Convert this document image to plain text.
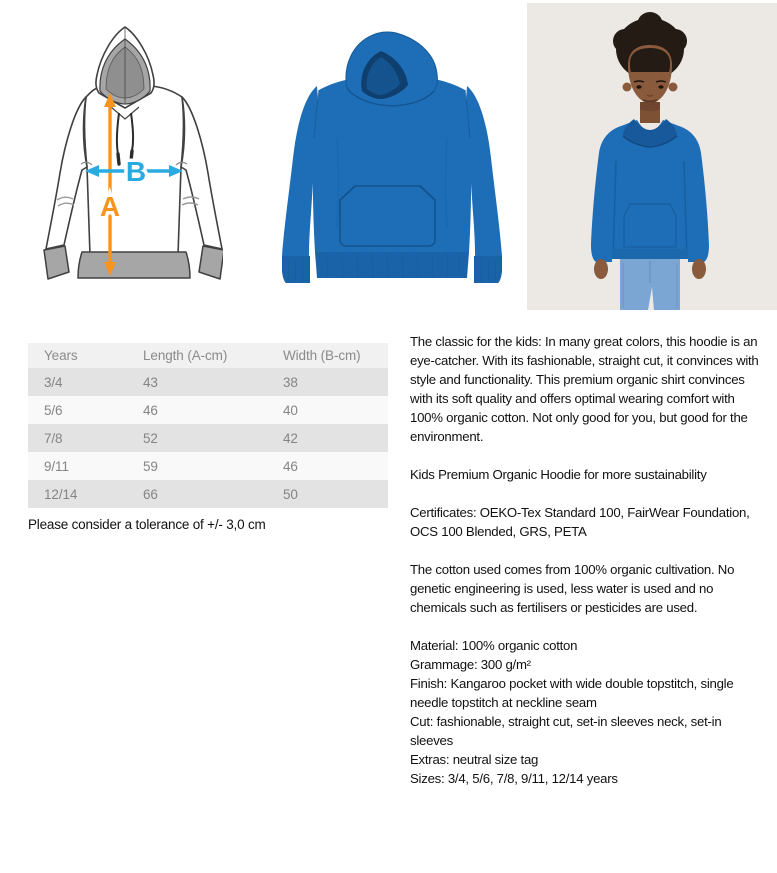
A
B
Years	Length (A-cm)	Width (B-cm)
3/4	43	38
5/6	46	40
7/8	52	42
9/11	59	46
12/14	66	50
Please consider a tolerance of +/- 3,0 cm

The classic for the kids: In many great colors, this hoodie is an eye-catcher. With its fashionable, straight cut, it convinces with style and functionality. This premium organic shirt convinces with its soft quality and offers optimal wearing comfort with 100% organic cotton. Not only good for you, but good for the environment.

Kids Premium Organic Hoodie for more sustainability

Certificates: OEKO-Tex Standard 100, FairWear Foundation, OCS 100 Blended, GRS, PETA

The cotton used comes from 100% organic cultivation. No genetic engineering is used, less water is used and no chemicals such as fertilisers or pesticides are used.

Material: 100% organic cotton
Grammage: 300 g/m²
Finish: Kangaroo pocket with wide double topstitch, single needle topstitch at neckline seam
Cut: fashionable, straight cut, set-in sleeves neck, set-in sleeves
Extras: neutral size tag
Sizes: 3/4, 5/6, 7/8, 9/11, 12/14 years
